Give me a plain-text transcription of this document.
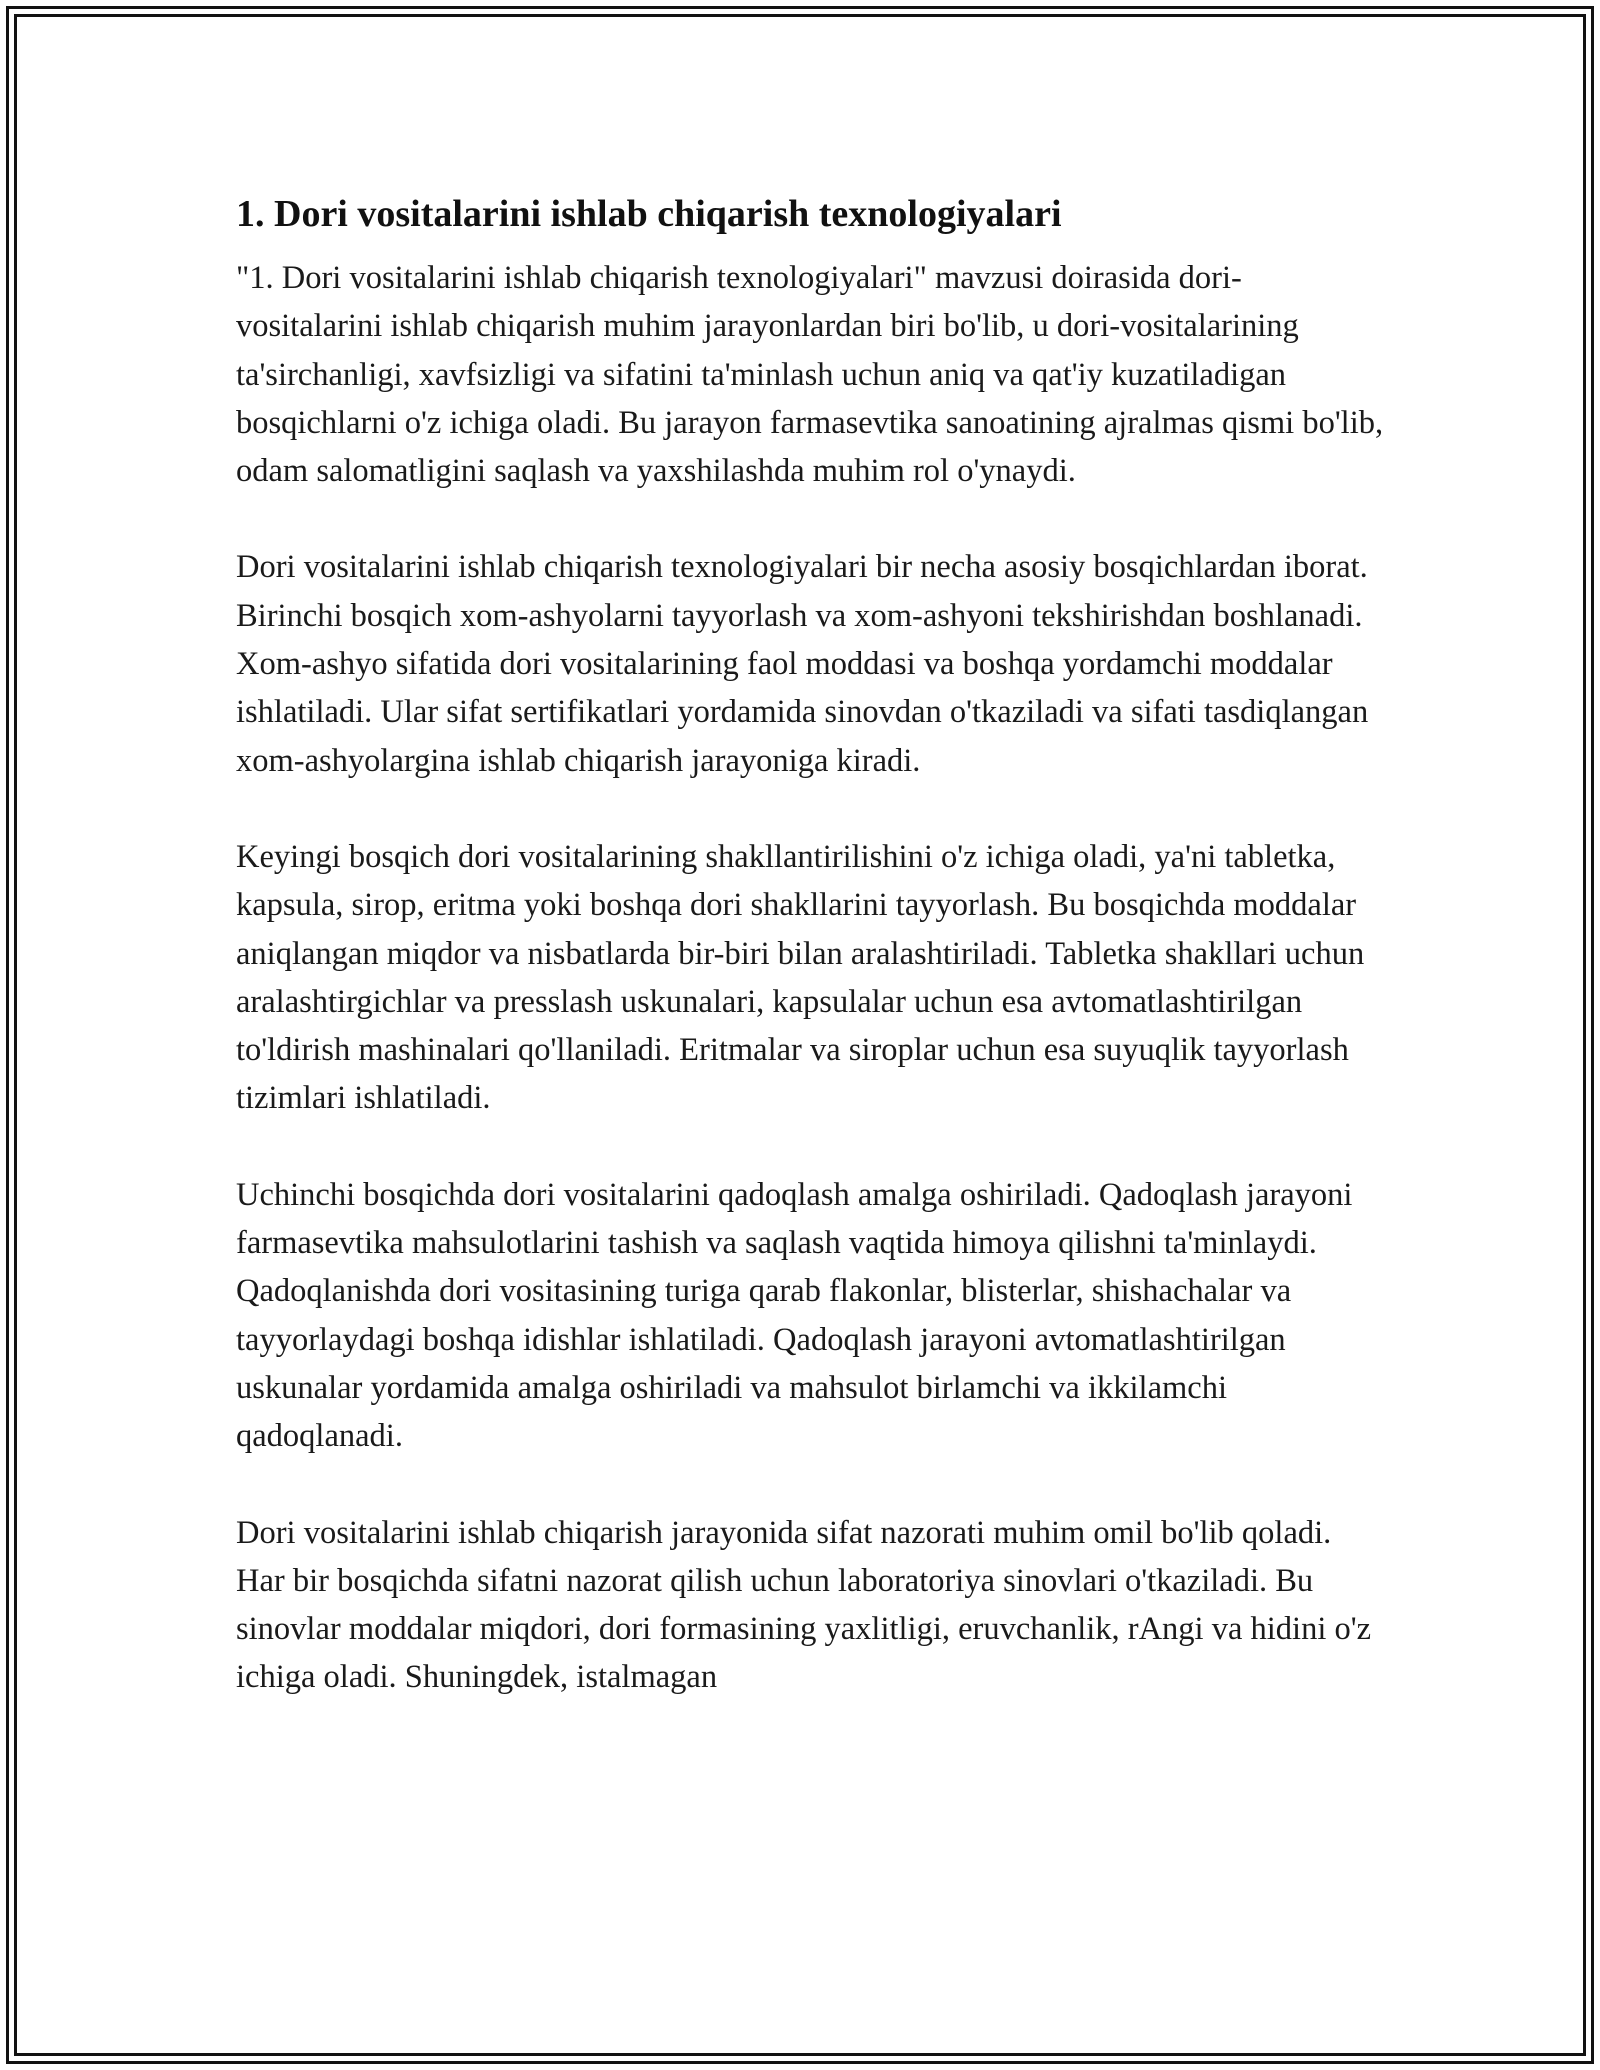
1. Dori vositalarini ishlab chiqarish texnologiyalari

"1. Dori vositalarini ishlab chiqarish texnologiyalari" mavzusi doirasida dori-vositalarini ishlab chiqarish muhim jarayonlardan biri bo'lib, u dori-vositalarining ta'sirchanligi, xavfsizligi va sifatini ta'minlash uchun aniq va qat'iy kuzatiladigan bosqichlarni o'z ichiga oladi. Bu jarayon farmasevtika sanoatining ajralmas qismi bo'lib, odam salomatligini saqlash va yaxshilashda muhim rol o'ynaydi.

Dori vositalarini ishlab chiqarish texnologiyalari bir necha asosiy bosqichlardan iborat. Birinchi bosqich xom-ashyolarni tayyorlash va xom-ashyoni tekshirishdan boshlanadi. Xom-ashyo sifatida dori vositalarining faol moddasi va boshqa yordamchi moddalar ishlatiladi. Ular sifat sertifikatlari yordamida sinovdan o'tkaziladi va sifati tasdiqlangan xom-ashyolargina ishlab chiqarish jarayoniga kiradi.

Keyingi bosqich dori vositalarining shakllantirilishini o'z ichiga oladi, ya'ni tabletka, kapsula, sirop, eritma yoki boshqa dori shakllarini tayyorlash. Bu bosqichda moddalar aniqlangan miqdor va nisbatlarda bir-biri bilan aralashtiriladi. Tabletka shakllari uchun aralashtirgichlar va presslash uskunalari, kapsulalar uchun esa avtomatlashtirilgan to'ldirish mashinalari qo'llaniladi. Eritmalar va siroplar uchun esa suyuqlik tayyorlash tizimlari ishlatiladi.

Uchinchi bosqichda dori vositalarini qadoqlash amalga oshiriladi. Qadoqlash jarayoni farmasevtika mahsulotlarini tashish va saqlash vaqtida himoya qilishni ta'minlaydi. Qadoqlanishda dori vositasining turiga qarab flakonlar, blisterlar, shishachalar va tayyorlaydagi boshqa idishlar ishlatiladi. Qadoqlash jarayoni avtomatlashtirilgan uskunalar yordamida amalga oshiriladi va mahsulot birlamchi va ikkilamchi qadoqlanadi.

Dori vositalarini ishlab chiqarish jarayonida sifat nazorati muhim omil bo'lib qoladi. Har bir bosqichda sifatni nazorat qilish uchun laboratoriya sinovlari o'tkaziladi. Bu sinovlar moddalar miqdori, dori formasining yaxlitligi, eruvchanlik, rAngi va hidini o'z ichiga oladi. Shuningdek, istalmagan
